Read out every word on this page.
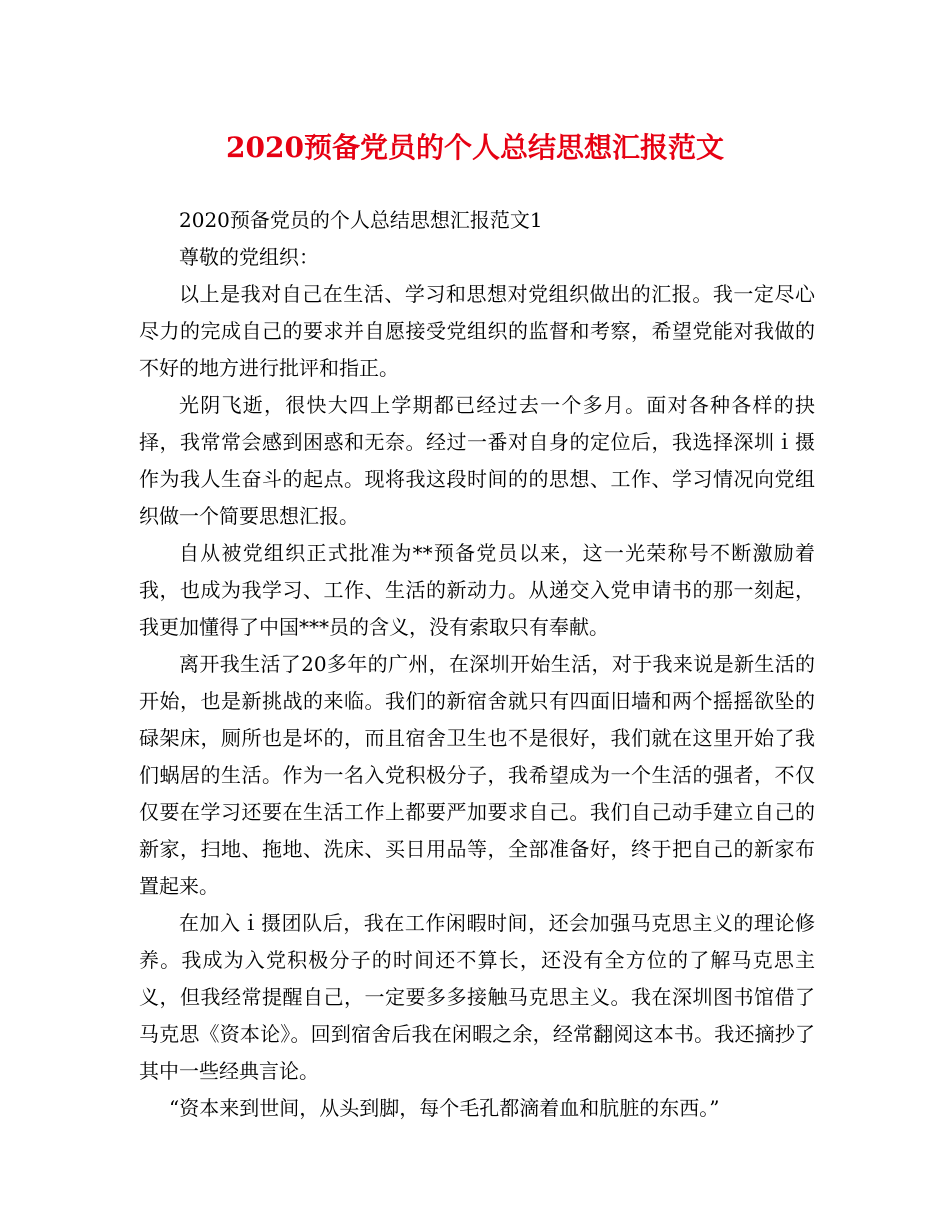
2020预备党员的个人总结思想汇报范文

2020预备党员的个人总结思想汇报范文1

尊敬的党组织：

以上是我对自己在生活、学习和思想对党组织做出的汇报。我一定尽心尽力的完成自己的要求并自愿接受党组织的监督和考察，希望党能对我做的不好的地方进行批评和指正。

光阴飞逝，很快大四上学期都已经过去一个多月。面对各种各样的抉择，我常常会感到困惑和无奈。经过一番对自身的定位后，我选择深圳ｉ摄作为我人生奋斗的起点。现将我这段时间的的思想、工作、学习情况向党组织做一个简要思想汇报。

自从被党组织正式批准为**预备党员以来，这一光荣称号不断激励着我，也成为我学习、工作、生活的新动力。从递交入党申请书的那一刻起，我更加懂得了中国***员的含义，没有索取只有奉献。

离开我生活了20多年的广州，在深圳开始生活，对于我来说是新生活的开始，也是新挑战的来临。我们的新宿舍就只有四面旧墙和两个摇摇欲坠的碌架床，厕所也是坏的，而且宿舍卫生也不是很好，我们就在这里开始了我们蜗居的生活。作为一名入党积极分子，我希望成为一个生活的强者，不仅仅要在学习还要在生活工作上都要严加要求自己。我们自己动手建立自己的新家，扫地、拖地、洗床、买日用品等，全部准备好，终于把自己的新家布置起来。

在加入ｉ摄团队后，我在工作闲暇时间，还会加强马克思主义的理论修养。我成为入党积极分子的时间还不算长，还没有全方位的了解马克思主义，但我经常提醒自己，一定要多多接触马克思主义。我在深圳图书馆借了马克思《资本论》。回到宿舍后我在闲暇之余，经常翻阅这本书。我还摘抄了其中一些经典言论。

“资本来到世间，从头到脚，每个毛孔都滴着血和肮脏的东西。”
